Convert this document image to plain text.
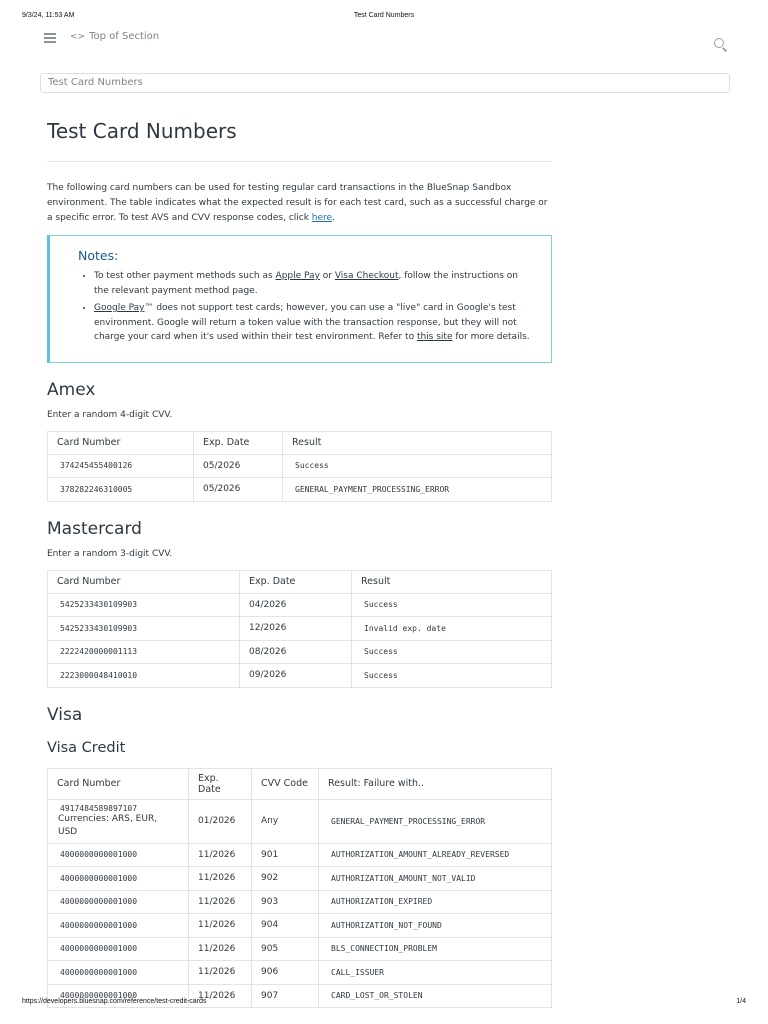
9/3/24, 11:53 AM	Test Card Numbers
<> Top of Section
Test Card Numbers
Test Card Numbers

The following card numbers can be used for testing regular card transactions in the BlueSnap Sandbox environment. The table indicates what the expected result is for each test card, such as a successful charge or a specific error. To test AVS and CVV response codes, click here.

Notes:
• To test other payment methods such as Apple Pay or Visa Checkout, follow the instructions on the relevant payment method page.
• Google Pay™ does not support test cards; however, you can use a "live" card in Google's test environment. Google will return a token value with the transaction response, but they will not charge your card when it's used within their test environment. Refer to this site for more details.
Amex

Enter a random 4-digit CVV.

Card Number	Exp. Date	Result
374245455400126	05/2026	Success
378282246310005	05/2026	GENERAL_PAYMENT_PROCESSING_ERROR
Mastercard

Enter a random 3-digit CVV.

Card Number	Exp. Date	Result
5425233430109903	04/2026	Success
5425233430109903	12/2026	Invalid exp. date
2222420000001113	08/2026	Success
2223000048410010	09/2026	Success
Visa
Visa Credit
Card Number	Exp. Date	CVV Code	Result: Failure with..

4917484589897107
Currencies: ARS, EUR, USD	01/2026	Any	GENERAL_PAYMENT_PROCESSING_ERROR
4000000000001000	11/2026	901	AUTHORIZATION_AMOUNT_ALREADY_REVERSED
4000000000001000	11/2026	902	AUTHORIZATION_AMOUNT_NOT_VALID
4000000000001000	11/2026	903	AUTHORIZATION_EXPIRED
4000000000001000	11/2026	904	AUTHORIZATION_NOT_FOUND
4000000000001000	11/2026	905	BLS_CONNECTION_PROBLEM
4000000000001000	11/2026	906	CALL_ISSUER
4000000000001000	11/2026	907	CARD_LOST_OR_STOLEN
https://developers.bluesnap.com/reference/test-credit-cards	1/4
